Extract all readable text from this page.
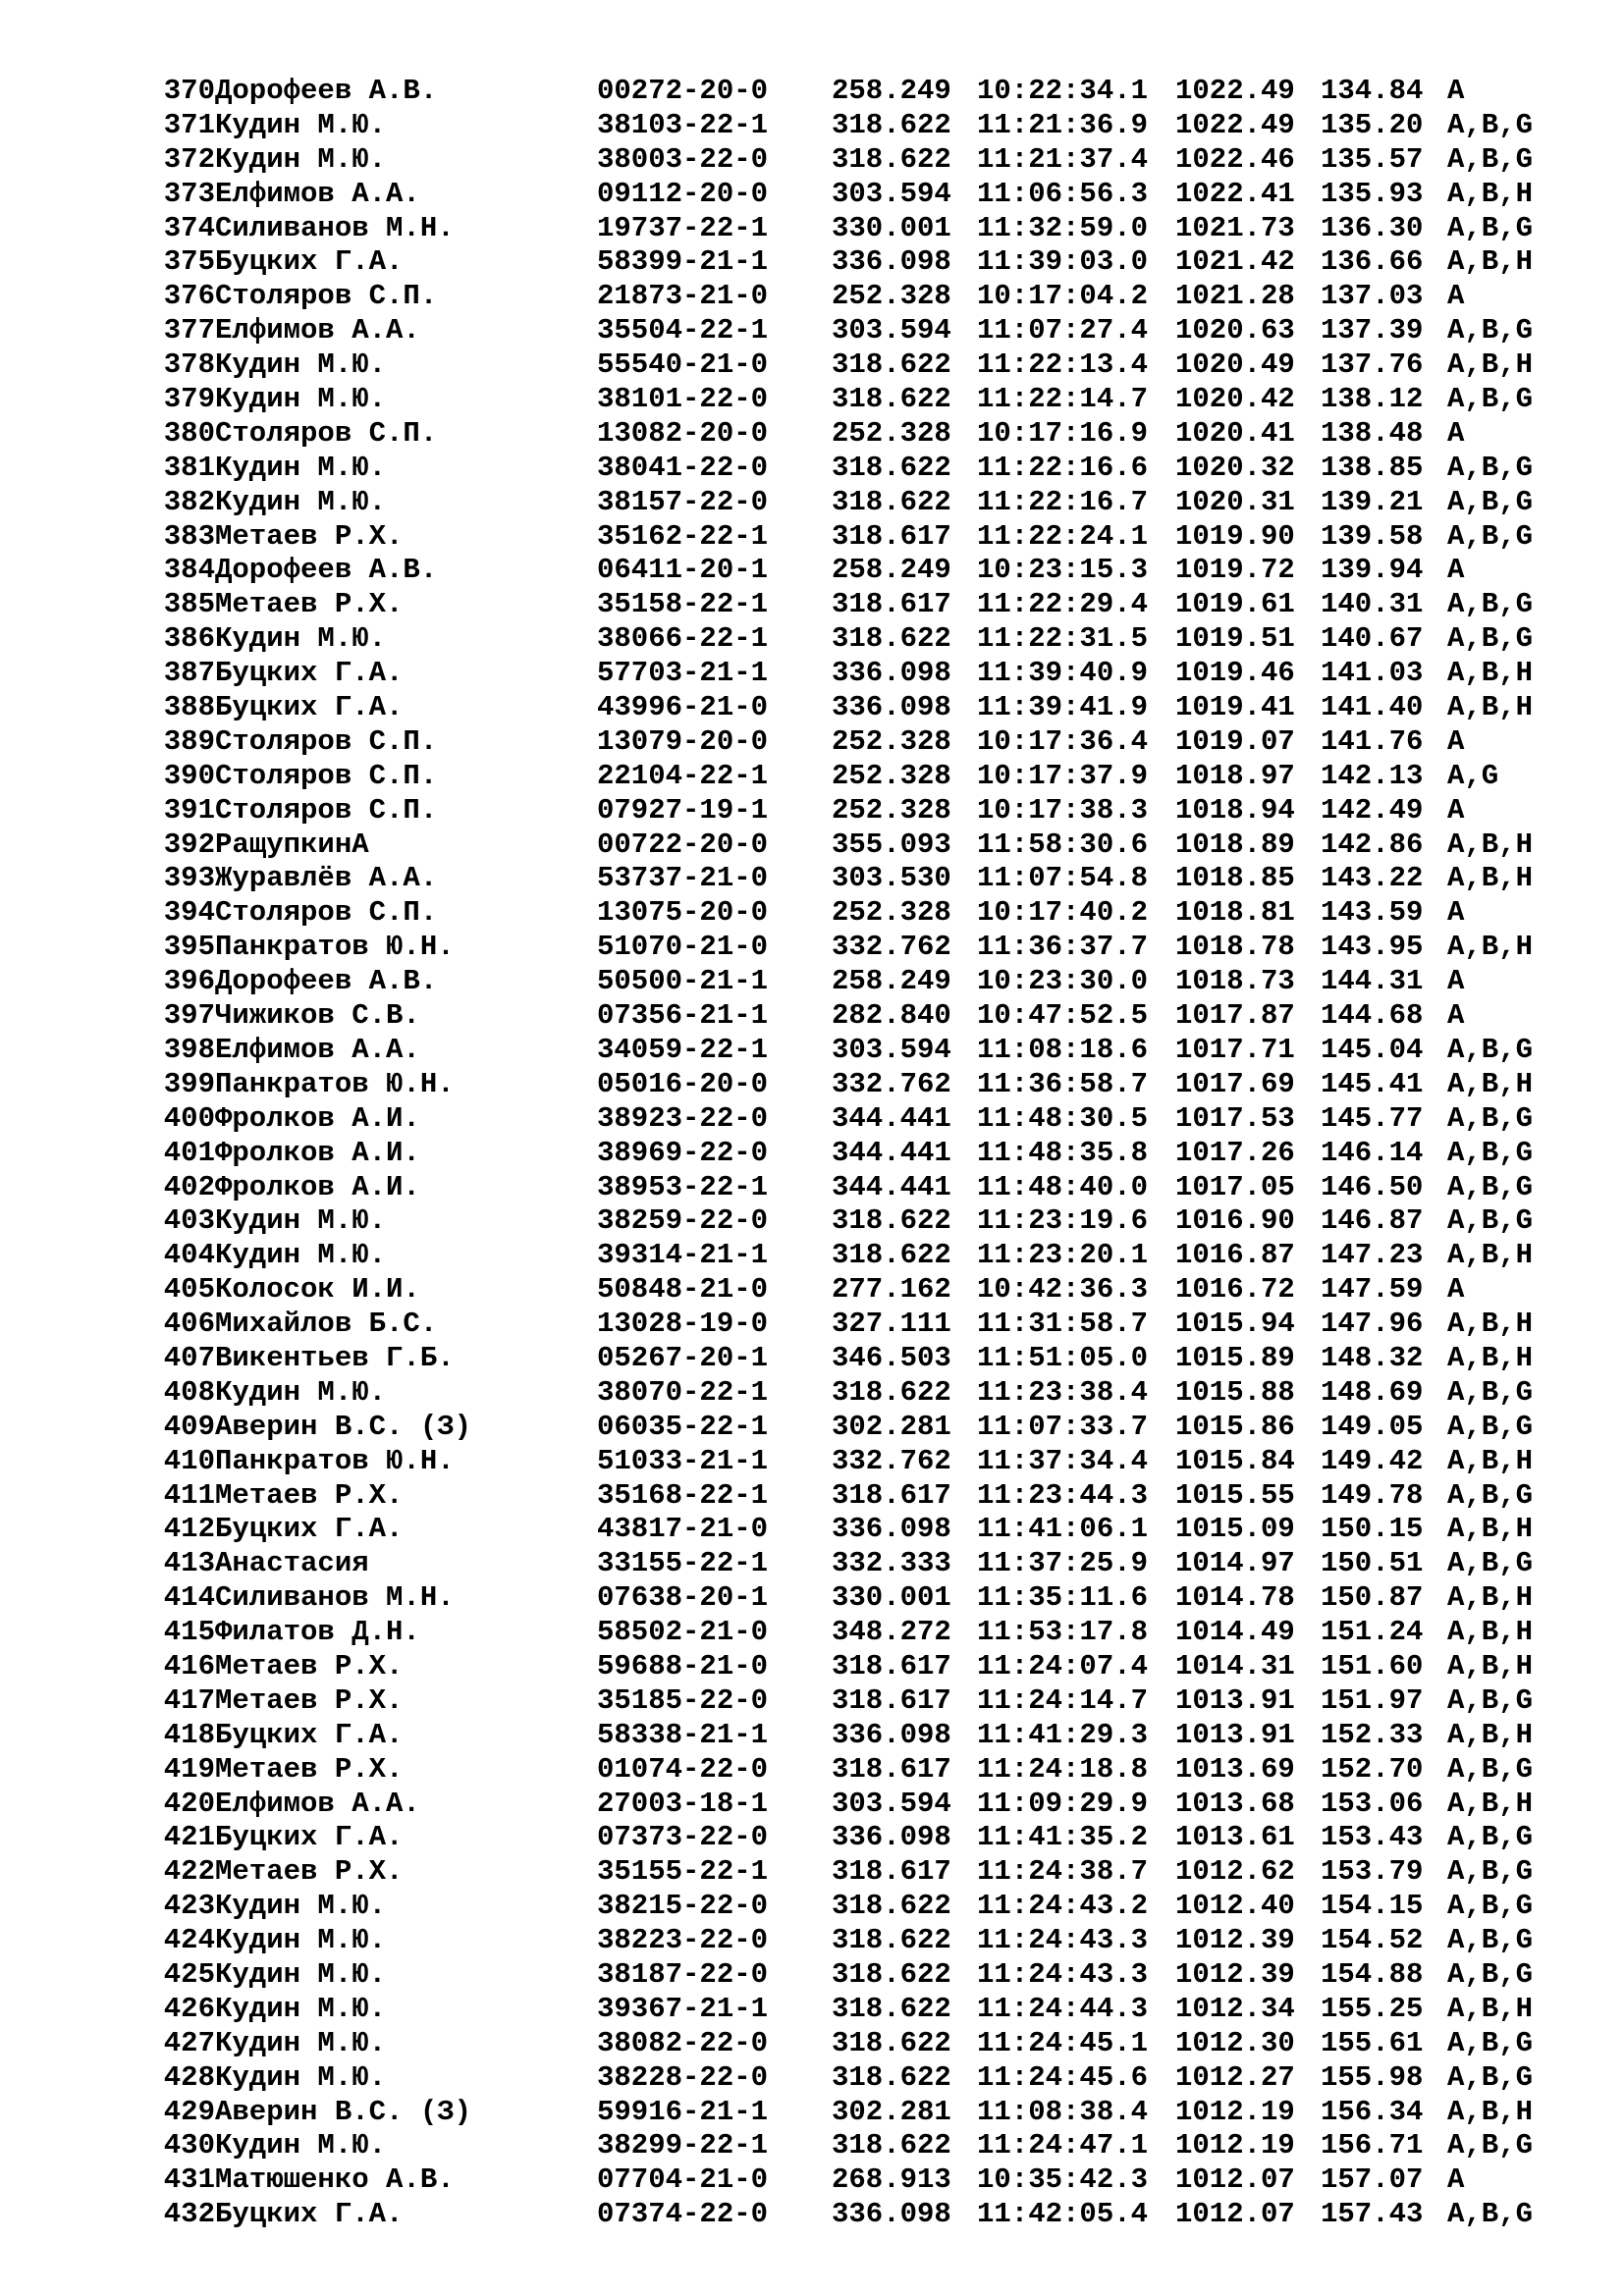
370 Дорофеев А.В.	00272-20-0 258.249 10:22:34.1 1022.49 134.84 A
371 Кудин М.Ю.	38103-22-1 318.622 11:21:36.9 1022.49 135.20 A,B,G
372 Кудин М.Ю.	38003-22-0 318.622 11:21:37.4 1022.46 135.57 A,B,G
373 Елфимов А.А.	09112-20-0 303.594 11:06:56.3 1022.41 135.93 A,B,H
374 Силиванов М.Н.	19737-22-1 330.001 11:32:59.0 1021.73 136.30 A,B,G
375 Буцких Г.А.	58399-21-1 336.098 11:39:03.0 1021.42 136.66 A,B,H
376 Столяров С.П.	21873-21-0 252.328 10:17:04.2 1021.28 137.03 A
377 Елфимов А.А.	35504-22-1 303.594 11:07:27.4 1020.63 137.39 A,B,G
378 Кудин М.Ю.	55540-21-0 318.622 11:22:13.4 1020.49 137.76 A,B,H
379 Кудин М.Ю.	38101-22-0 318.622 11:22:14.7 1020.42 138.12 A,B,G
380 Столяров С.П.	13082-20-0 252.328 10:17:16.9 1020.41 138.48 A
381 Кудин М.Ю.	38041-22-0 318.622 11:22:16.6 1020.32 138.85 A,B,G
382 Кудин М.Ю.	38157-22-0 318.622 11:22:16.7 1020.31 139.21 A,B,G
383 Метаев Р.Х.	35162-22-1 318.617 11:22:24.1 1019.90 139.58 A,B,G
384 Дорофеев А.В.	06411-20-1 258.249 10:23:15.3 1019.72 139.94 A
385 Метаев Р.Х.	35158-22-1 318.617 11:22:29.4 1019.61 140.31 A,B,G
386 Кудин М.Ю.	38066-22-1 318.622 11:22:31.5 1019.51 140.67 A,B,G
387 Буцких Г.А.	57703-21-1 336.098 11:39:40.9 1019.46 141.03 A,B,H
388 Буцких Г.А.	43996-21-0 336.098 11:39:41.9 1019.41 141.40 A,B,H
389 Столяров С.П.	13079-20-0 252.328 10:17:36.4 1019.07 141.76 A
390 Столяров С.П.	22104-22-1 252.328 10:17:37.9 1018.97 142.13 A,G
391 Столяров С.П.	07927-19-1 252.328 10:17:38.3 1018.94 142.49 A
392 РащупкинА	00722-20-0 355.093 11:58:30.6 1018.89 142.86 A,B,H
393 Журавлёв А.А.	53737-21-0 303.530 11:07:54.8 1018.85 143.22 A,B,H
394 Столяров С.П.	13075-20-0 252.328 10:17:40.2 1018.81 143.59 A
395 Панкратов Ю.Н.	51070-21-0 332.762 11:36:37.7 1018.78 143.95 A,B,H
396 Дорофеев А.В.	50500-21-1 258.249 10:23:30.0 1018.73 144.31 A
397 Чижиков С.В.	07356-21-1 282.840 10:47:52.5 1017.87 144.68 A
398 Елфимов А.А.	34059-22-1 303.594 11:08:18.6 1017.71 145.04 A,B,G
399 Панкратов Ю.Н.	05016-20-0 332.762 11:36:58.7 1017.69 145.41 A,B,H
400 Фролков А.И.	38923-22-0 344.441 11:48:30.5 1017.53 145.77 A,B,G
401 Фролков А.И.	38969-22-0 344.441 11:48:35.8 1017.26 146.14 A,B,G
402 Фролков А.И.	38953-22-1 344.441 11:48:40.0 1017.05 146.50 A,B,G
403 Кудин М.Ю.	38259-22-0 318.622 11:23:19.6 1016.90 146.87 A,B,G
404 Кудин М.Ю.	39314-21-1 318.622 11:23:20.1 1016.87 147.23 A,B,H
405 Колосок И.И.	50848-21-0 277.162 10:42:36.3 1016.72 147.59 A
406 Михайлов Б.С.	13028-19-0 327.111 11:31:58.7 1015.94 147.96 A,B,H
407 Викентьев Г.Б.	05267-20-1 346.503 11:51:05.0 1015.89 148.32 A,B,H
408 Кудин М.Ю.	38070-22-1 318.622 11:23:38.4 1015.88 148.69 A,B,G
409 Аверин В.С. (З)	06035-22-1 302.281 11:07:33.7 1015.86 149.05 A,B,G
410 Панкратов Ю.Н.	51033-21-1 332.762 11:37:34.4 1015.84 149.42 A,B,H
411 Метаев Р.Х.	35168-22-1 318.617 11:23:44.3 1015.55 149.78 A,B,G
412 Буцких Г.А.	43817-21-0 336.098 11:41:06.1 1015.09 150.15 A,B,H
413 Анастасия	33155-22-1 332.333 11:37:25.9 1014.97 150.51 A,B,G
414 Силиванов М.Н.	07638-20-1 330.001 11:35:11.6 1014.78 150.87 A,B,H
415 Филатов Д.Н.	58502-21-0 348.272 11:53:17.8 1014.49 151.24 A,B,H
416 Метаев Р.Х.	59688-21-0 318.617 11:24:07.4 1014.31 151.60 A,B,H
417 Метаев Р.Х.	35185-22-0 318.617 11:24:14.7 1013.91 151.97 A,B,G
418 Буцких Г.А.	58338-21-1 336.098 11:41:29.3 1013.91 152.33 A,B,H
419 Метаев Р.Х.	01074-22-0 318.617 11:24:18.8 1013.69 152.70 A,B,G
420 Елфимов А.А.	27003-18-1 303.594 11:09:29.9 1013.68 153.06 A,B,H
421 Буцких Г.А.	07373-22-0 336.098 11:41:35.2 1013.61 153.43 A,B,G
422 Метаев Р.Х.	35155-22-1 318.617 11:24:38.7 1012.62 153.79 A,B,G
423 Кудин М.Ю.	38215-22-0 318.622 11:24:43.2 1012.40 154.15 A,B,G
424 Кудин М.Ю.	38223-22-0 318.622 11:24:43.3 1012.39 154.52 A,B,G
425 Кудин М.Ю.	38187-22-0 318.622 11:24:43.3 1012.39 154.88 A,B,G
426 Кудин М.Ю.	39367-21-1 318.622 11:24:44.3 1012.34 155.25 A,B,H
427 Кудин М.Ю.	38082-22-0 318.622 11:24:45.1 1012.30 155.61 A,B,G
428 Кудин М.Ю.	38228-22-0 318.622 11:24:45.6 1012.27 155.98 A,B,G
429 Аверин В.С. (З)	59916-21-1 302.281 11:08:38.4 1012.19 156.34 A,B,H
430 Кудин М.Ю.	38299-22-1 318.622 11:24:47.1 1012.19 156.71 A,B,G
431 Матюшенко А.В.	07704-21-0 268.913 10:35:42.3 1012.07 157.07 A
432 Буцких Г.А.	07374-22-0 336.098 11:42:05.4 1012.07 157.43 A,B,G
